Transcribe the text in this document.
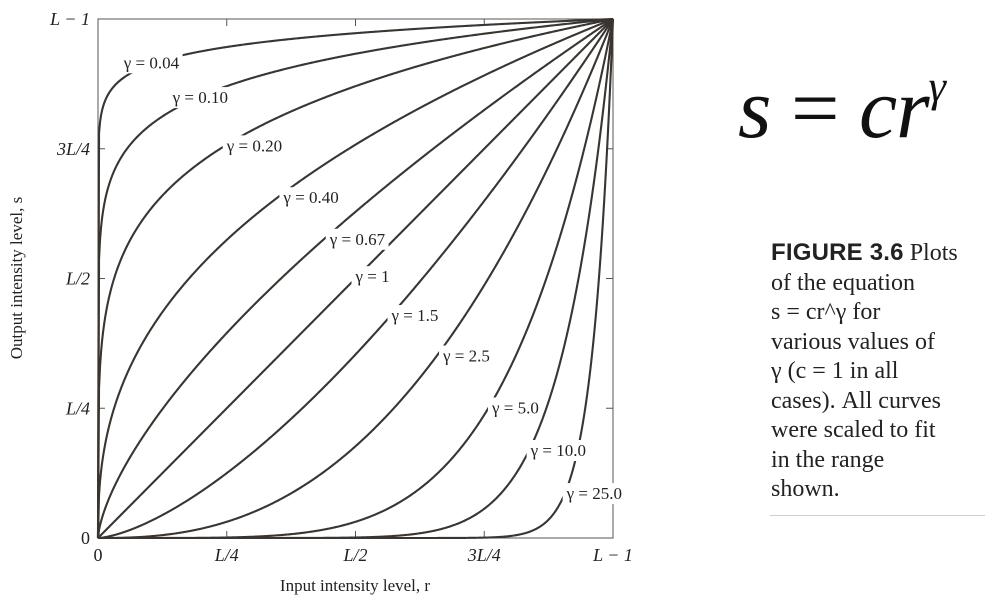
γ = 0.04
γ = 0.10
γ = 0.20
γ = 0.40
γ = 0.67
γ = 1
γ = 1.5
γ = 2.5
γ = 5.0
γ = 10.0
γ = 25.0
0	L/4	L/2	3L/4	L − 1
0
L/4
L/2
3L/4
L − 1
Input intensity level, r
Output intensity level, s
$s = cr^\gamma$
FIGURE 3.6 Plots
of the equation
s = cr^γ for
various values of
γ (c = 1 in all
cases). All curves
were scaled to fit
in the range
shown.
